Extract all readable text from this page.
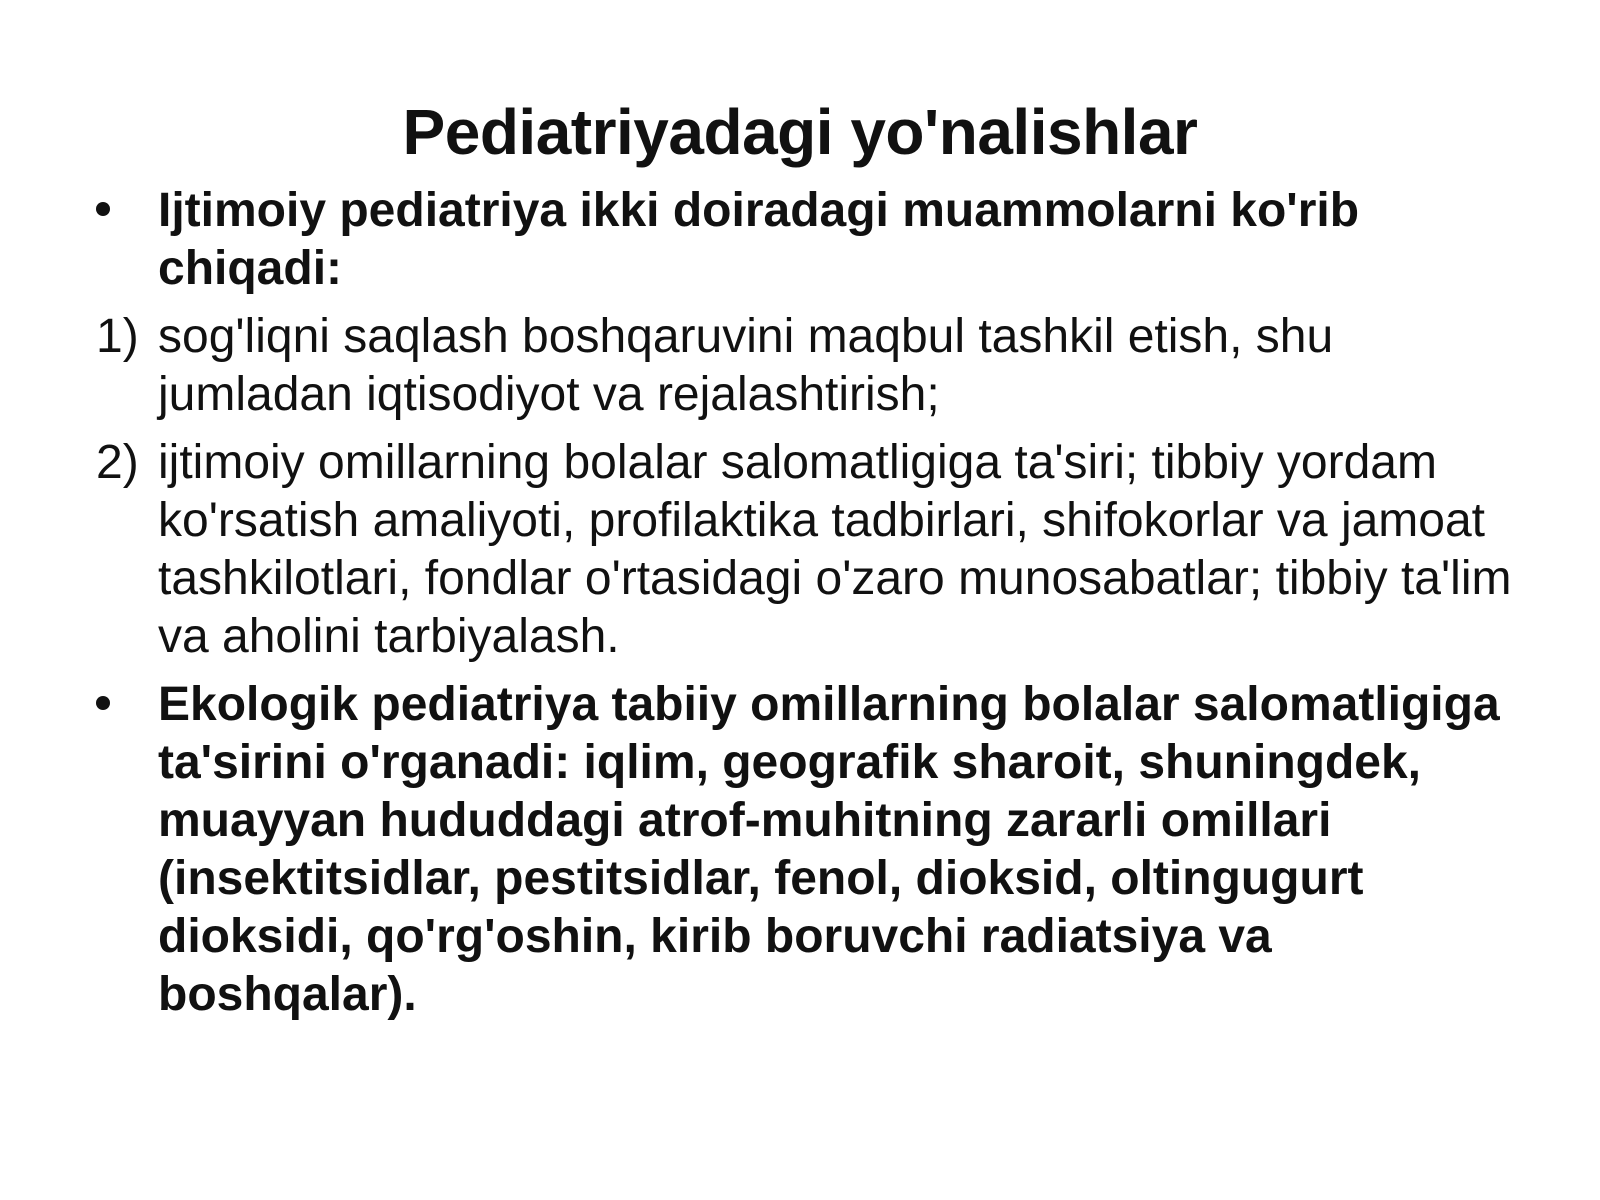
Pediatriyadagi yo'nalishlar
Ijtimoiy pediatriya ikki doiradagi muammolarni ko'rib chiqadi:
1) sog'liqni saqlash boshqaruvini maqbul tashkil etish, shu jumladan iqtisodiyot va rejalashtirish;
2) ijtimoiy omillarning bolalar salomatligiga ta'siri; tibbiy yordam ko'rsatish amaliyoti, profilaktika tadbirlari, shifokorlar va jamoat tashkilotlari, fondlar o'rtasidagi o'zaro munosabatlar; tibbiy ta'lim va aholini tarbiyalash.
Ekologik pediatriya tabiiy omillarning bolalar salomatligiga ta'sirini o'rganadi: iqlim, geografik sharoit, shuningdek, muayyan hududdagi atrof-muhitning zararli omillari (insektitsidlar, pestitsidlar, fenol, dioksid, oltingugurt dioksidi, qo'rg'oshin, kirib boruvchi radiatsiya va boshqalar).
